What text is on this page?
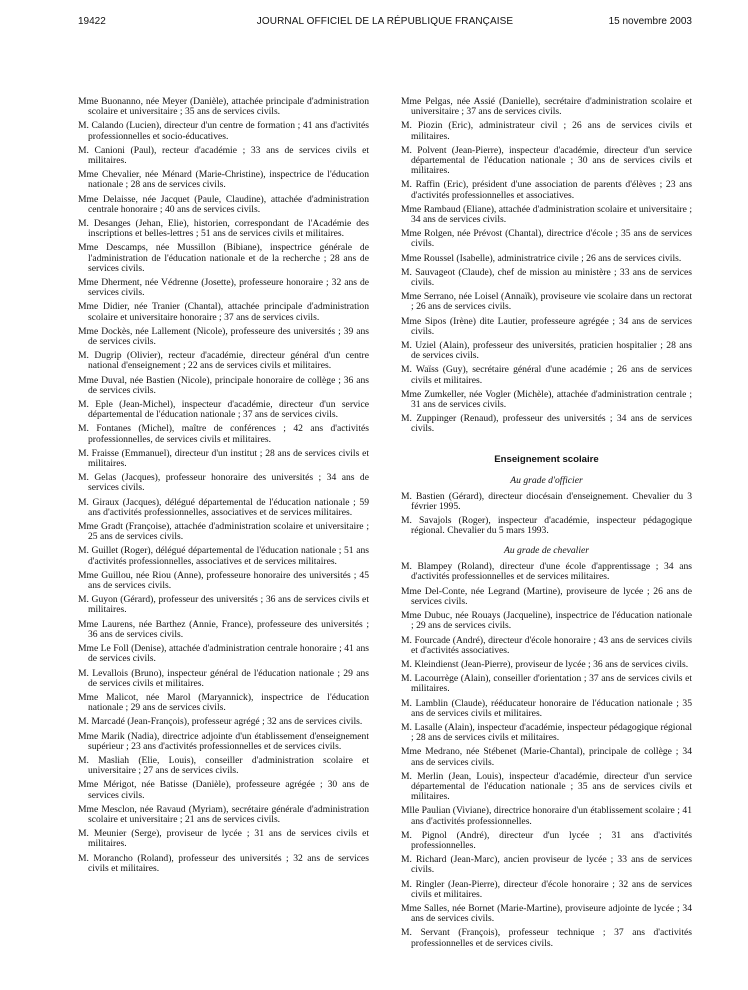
19422	JOURNAL OFFICIEL DE LA RÉPUBLIQUE FRANÇAISE	15 novembre 2003

Mme Buonanno, née Meyer (Danièle), attachée principale d'administration scolaire et universitaire ; 35 ans de services civils.

M. Calando (Lucien), directeur d'un centre de formation ; 41 ans d'activités professionnelles et socio-éducatives.

M. Canioni (Paul), recteur d'académie ; 33 ans de services civils et militaires.

Mme Chevalier, née Ménard (Marie-Christine), inspectrice de l'éducation nationale ; 28 ans de services civils.

Mme Delaisse, née Jacquet (Paule, Claudine), attachée d'administration centrale honoraire ; 40 ans de services civils.

M. Desanges (Jehan, Elie), historien, correspondant de l'Académie des inscriptions et belles-lettres ; 51 ans de services civils et militaires.

Mme Descamps, née Mussillon (Bibiane), inspectrice générale de l'administration de l'éducation nationale et de la recherche ; 28 ans de services civils.

Mme Dherment, née Védrenne (Josette), professeure honoraire ; 32 ans de services civils.

Mme Didier, née Tranier (Chantal), attachée principale d'administration scolaire et universitaire honoraire ; 37 ans de services civils.

Mme Dockès, née Lallement (Nicole), professeure des universités ; 39 ans de services civils.

M. Dugrip (Olivier), recteur d'académie, directeur général d'un centre national d'enseignement ; 22 ans de services civils et militaires.

Mme Duval, née Bastien (Nicole), principale honoraire de collège ; 36 ans de services civils.

M. Eple (Jean-Michel), inspecteur d'académie, directeur d'un service départemental de l'éducation nationale ; 37 ans de services civils.

M. Fontanes (Michel), maître de conférences ; 42 ans d'activités professionnelles, de services civils et militaires.

M. Fraisse (Emmanuel), directeur d'un institut ; 28 ans de services civils et militaires.

M. Gelas (Jacques), professeur honoraire des universités ; 34 ans de services civils.

M. Giraux (Jacques), délégué départemental de l'éducation nationale ; 59 ans d'activités professionnelles, associatives et de services militaires.

Mme Gradt (Françoise), attachée d'administration scolaire et universitaire ; 25 ans de services civils.

M. Guillet (Roger), délégué départemental de l'éducation nationale ; 51 ans d'activités professionnelles, associatives et de services militaires.

Mme Guillou, née Riou (Anne), professeure honoraire des universités ; 45 ans de services civils.

M. Guyon (Gérard), professeur des universités ; 36 ans de services civils et militaires.

Mme Laurens, née Barthez (Annie, France), professeure des universités ; 36 ans de services civils.

Mme Le Foll (Denise), attachée d'administration centrale honoraire ; 41 ans de services civils.

M. Levallois (Bruno), inspecteur général de l'éducation nationale ; 29 ans de services civils et militaires.

Mme Malicot, née Marol (Maryannick), inspectrice de l'éducation nationale ; 29 ans de services civils.

M. Marcadé (Jean-François), professeur agrégé ; 32 ans de services civils.

Mme Marik (Nadia), directrice adjointe d'un établissement d'enseignement supérieur ; 23 ans d'activités professionnelles et de services civils.

M. Masliah (Elie, Louis), conseiller d'administration scolaire et universitaire ; 27 ans de services civils.

Mme Mérigot, née Batisse (Danièle), professeure agrégée ; 30 ans de services civils.

Mme Mesclon, née Ravaud (Myriam), secrétaire générale d'administration scolaire et universitaire ; 21 ans de services civils.

M. Meunier (Serge), proviseur de lycée ; 31 ans de services civils et militaires.

M. Morancho (Roland), professeur des universités ; 32 ans de services civils et militaires.

Mme Pelgas, née Assié (Danielle), secrétaire d'administration scolaire et universitaire ; 37 ans de services civils.

M. Piozin (Eric), administrateur civil ; 26 ans de services civils et militaires.

M. Polvent (Jean-Pierre), inspecteur d'académie, directeur d'un service départemental de l'éducation nationale ; 30 ans de services civils et militaires.

M. Raffin (Eric), président d'une association de parents d'élèves ; 23 ans d'activités professionnelles et associatives.

Mme Rambaud (Eliane), attachée d'administration scolaire et universitaire ; 34 ans de services civils.

Mme Rolgen, née Prévost (Chantal), directrice d'école ; 35 ans de services civils.

Mme Roussel (Isabelle), administratrice civile ; 26 ans de services civils.

M. Sauvageot (Claude), chef de mission au ministère ; 33 ans de services civils.

Mme Serrano, née Loisel (Annaïk), proviseure vie scolaire dans un rectorat ; 26 ans de services civils.

Mme Sipos (Irène) dite Lautier, professeure agrégée ; 34 ans de services civils.

M. Uziel (Alain), professeur des universités, praticien hospitalier ; 28 ans de services civils.

M. Waïss (Guy), secrétaire général d'une académie ; 26 ans de services civils et militaires.

Mme Zumkeller, née Vogler (Michèle), attachée d'administration centrale ; 31 ans de services civils.

M. Zuppinger (Renaud), professeur des universités ; 34 ans de services civils.

Enseignement scolaire
Au grade d'officier

M. Bastien (Gérard), directeur diocésain d'enseignement. Chevalier du 3 février 1995.

M. Savajols (Roger), inspecteur d'académie, inspecteur pédagogique régional. Chevalier du 5 mars 1993.

Au grade de chevalier

M. Blampey (Roland), directeur d'une école d'apprentissage ; 34 ans d'activités professionnelles et de services militaires.

Mme Del-Conte, née Legrand (Martine), proviseure de lycée ; 26 ans de services civils.

Mme Dubuc, née Rouays (Jacqueline), inspectrice de l'éducation nationale ; 29 ans de services civils.

M. Fourcade (André), directeur d'école honoraire ; 43 ans de services civils et d'activités associatives.

M. Kleindienst (Jean-Pierre), proviseur de lycée ; 36 ans de services civils.

M. Lacourrège (Alain), conseiller d'orientation ; 37 ans de services civils et militaires.

M. Lamblin (Claude), rééducateur honoraire de l'éducation nationale ; 35 ans de services civils et militaires.

M. Lasalle (Alain), inspecteur d'académie, inspecteur pédagogique régional ; 28 ans de services civils et militaires.

Mme Medrano, née Stébenet (Marie-Chantal), principale de collège ; 34 ans de services civils.

M. Merlin (Jean, Louis), inspecteur d'académie, directeur d'un service départemental de l'éducation nationale ; 35 ans de services civils et militaires.

Mlle Paulian (Viviane), directrice honoraire d'un établissement scolaire ; 41 ans d'activités professionnelles.

M. Pignol (André), directeur d'un lycée ; 31 ans d'activités professionnelles.

M. Richard (Jean-Marc), ancien proviseur de lycée ; 33 ans de services civils.

M. Ringler (Jean-Pierre), directeur d'école honoraire ; 32 ans de services civils et militaires.

Mme Salles, née Bornet (Marie-Martine), proviseure adjointe de lycée ; 34 ans de services civils.

M. Servant (François), professeur technique ; 37 ans d'activités professionnelles et de services civils.
